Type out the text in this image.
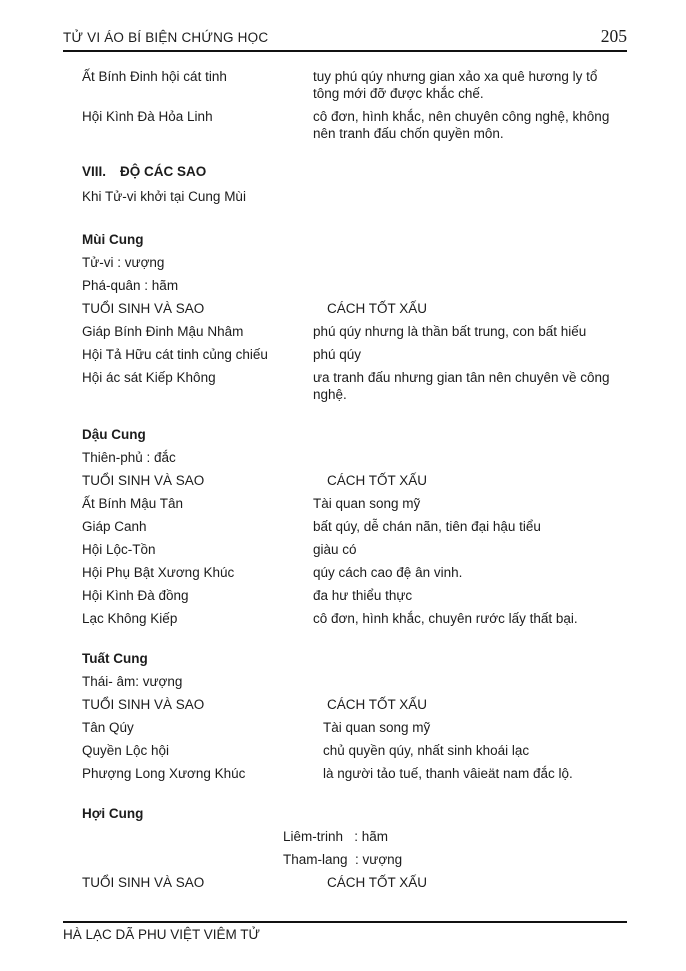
TỬ VI ÁO BÍ BIỆN CHỨNG HỌC	205
Ất Bính Đinh hội cát tinh	tuy phú qúy nhưng gian xảo xa quê hương ly tổ tông mới đỡ được khắc chế.
Hội Kình Đà Hỏa Linh	cô đơn, hình khắc, nên chuyên công nghệ, không nên tranh đấu chốn quyền môn.
VIII. ĐỘ CÁC SAO
Khi Tử-vi khởi tại Cung Mùi
Mùi Cung
Tử-vi : vượng
Phá-quân : hãm
TUỔI SINH VÀ SAO	CÁCH TỐT XẤU
Giáp Bính Đinh Mậu Nhâm	phú qúy nhưng là thần bất trung, con bất hiếu
Hội Tả Hữu cát tinh củng chiếu	phú qúy
Hội ác sát Kiếp Không	ưa tranh đấu nhưng gian tân nên chuyên về công nghệ.
Dậu Cung
Thiên-phủ : đắc
TUỔI SINH VÀ SAO	CÁCH TỐT XẤU
Ất Bính Mậu Tân	Tài quan song mỹ
Giáp Canh	bất qúy, dễ chán nãn, tiên đại hậu tiểu
Hội Lộc-Tồn	giàu có
Hội Phụ Bật Xương Khúc	qúy cách cao đệ ân vinh.
Hội Kình Đà đồng	đa hư thiểu thực
Lạc Không Kiếp	cô đơn, hình khắc, chuyên rước lấy thất bại.
Tuất Cung
Thái- âm: vượng
TUỔI SINH VÀ SAO	CÁCH TỐT XẤU
Tân Qúy	Tài quan song mỹ
Quyền Lộc hội	chủ quyền qúy, nhất sinh khoái lạc
Phượng Long Xương Khúc	là người tảo tuế, thanh vâieät nam đắc lộ.
Hợi Cung
Liêm-trinh   : hãm
Tham-lang  : vượng
TUỔI SINH VÀ SAO	CÁCH TỐT XẤU
HÀ LẠC DÃ PHU VIỆT VIÊM TỬ
